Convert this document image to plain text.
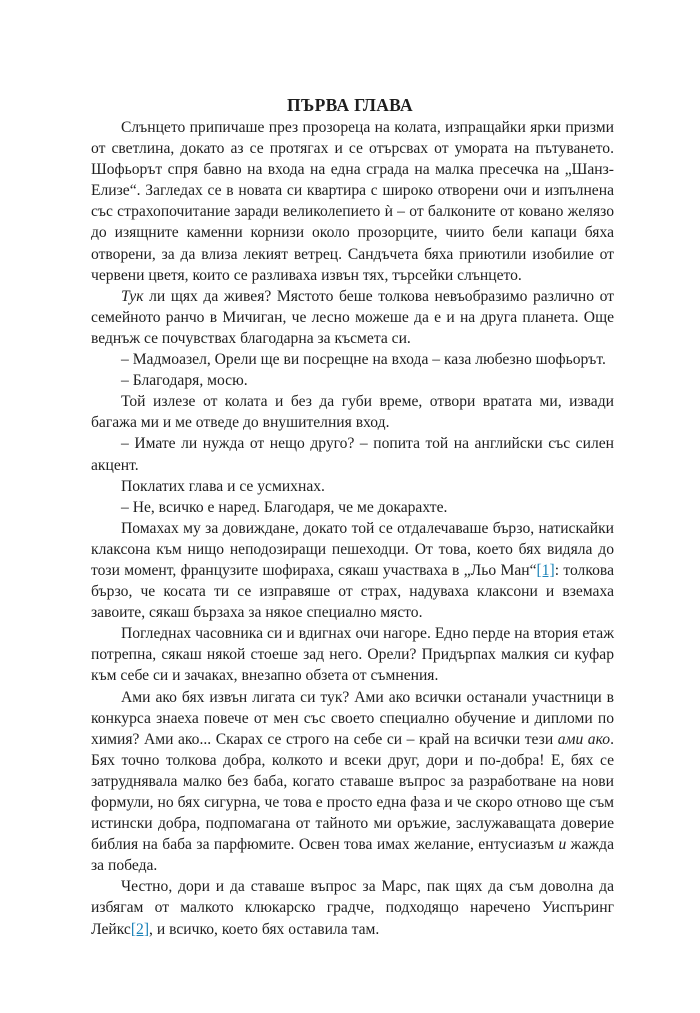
ПЪРВА ГЛАВА

Слънцето припичаше през прозореца на колата, изпращайки ярки призми от светлина, докато аз се протягах и се отърсвах от умората на пътуването. Шофьорът спря бавно на входа на една сграда на малка пресечка на „Шанз-Елизе“. Загледах се в новата си квартира с широко отворени очи и изпълнена със страхопочитание заради великолепието ѝ – от балконите от ковано желязо до изящните каменни корнизи около прозорците, чиито бели капаци бяха отворени, за да влиза лекият ветрец. Сандъчета бяха приютили изобилие от червени цветя, които се разливаха извън тях, търсейки слънцето.

Тук ли щях да живея? Мястото беше толкова невъобразимо различно от семейното ранчо в Мичиган, че лесно можеше да е и на друга планета. Още веднъж се почувствах благодарна за късмета си.

– Мадмоазел, Орели ще ви посрещне на входа – каза любезно шофьорът.

– Благодаря, мосю.

Той излезе от колата и без да губи време, отвори вратата ми, извади багажа ми и ме отведе до внушителния вход.

– Имате ли нужда от нещо друго? – попита той на английски със силен акцент.

Поклатих глава и се усмихнах.

– Не, всичко е наред. Благодаря, че ме докарахте.

Помахах му за довиждане, докато той се отдалечаваше бързо, натискайки клаксона към нищо неподозиращи пешеходци. От това, което бях видяла до този момент, французите шофираха, сякаш участваха в „Льо Ман“[1]: толкова бързо, че косата ти се изправяше от страх, надуваха клаксони и вземаха завоите, сякаш бързаха за някое специално място.

Погледнах часовника си и вдигнах очи нагоре. Едно перде на втория етаж потрепна, сякаш някой стоеше зад него. Орели? Придърпах малкия си куфар към себе си и зачаках, внезапно обзета от съмнения.

Ами ако бях извън лигата си тук? Ами ако всички останали участници в конкурса знаеха повече от мен със своето специално обучение и дипломи по химия? Ами ако... Скарах се строго на себе си – край на всички тези ами ако. Бях точно толкова добра, колкото и всеки друг, дори и по-добра! Е, бях се затруднявала малко без баба, когато ставаше въпрос за разработване на нови формули, но бях сигурна, че това е просто една фаза и че скоро отново ще съм истински добра, подпомагана от тайното ми оръжие, заслужаващата доверие библия на баба за парфюмите. Освен това имах желание, ентусиазъм и жажда за победа.

Честно, дори и да ставаше въпрос за Марс, пак щях да съм доволна да избягам от малкото клюкарско градче, подходящо наречено Уиспъринг Лейкс[2], и всичко, което бях оставила там.
